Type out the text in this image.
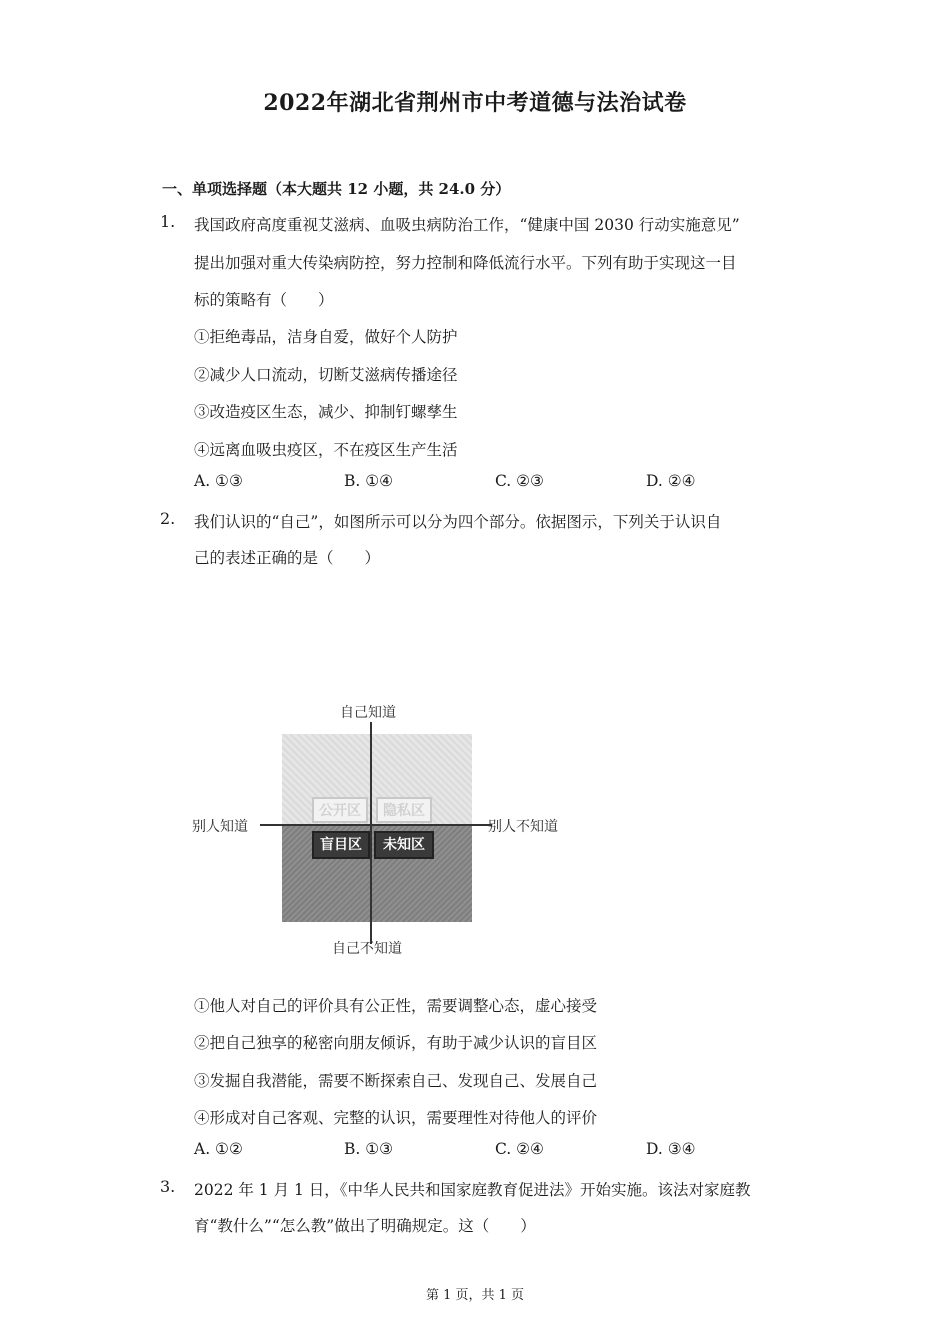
2022年湖北省荆州市中考道德与法治试卷
一、单项选择题（本大题共 12 小题，共 24.0 分）
1. 我国政府高度重视艾滋病、血吸虫病防治工作，“健康中国 2030 行动实施意见”
提出加强对重大传染病防控，努力控制和降低流行水平。下列有助于实现这一目
标的策略有（　　）
①拒绝毒品，洁身自爱，做好个人防护
②减少人口流动，切断艾滋病传播途径
③改造疫区生态，减少、抑制钉螺孳生
④远离血吸虫疫区，不在疫区生产生活
A. ①③	B. ①④	C. ②③	D. ②④
2. 我们认识的“自己”，如图所示可以分为四个部分。依据图示，下列关于认识自
己的表述正确的是（　　）
自己知道
自己不知道
别人知道	别人不知道
公开区	隐私区
盲目区	未知区
①他人对自己的评价具有公正性，需要调整心态，虚心接受
②把自己独享的秘密向朋友倾诉，有助于减少认识的盲目区
③发掘自我潜能，需要不断探索自己、发现自己、发展自己
④形成对自己客观、完整的认识，需要理性对待他人的评价
A. ①②	B. ①③	C. ②④	D. ③④
3. 2022 年 1 月 1 日，《中华人民共和国家庭教育促进法》开始实施。该法对家庭教
育“教什么”“怎么教”做出了明确规定。这（　　）
第 1 页，共 1 页
